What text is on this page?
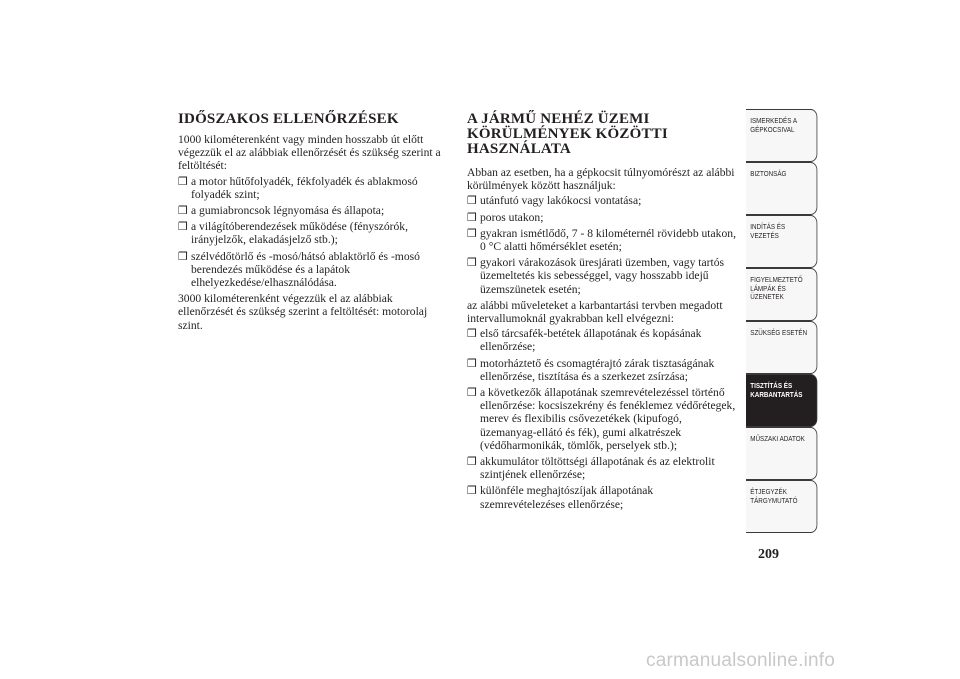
IDŐSZAKOS ELLENŐRZÉSEK

1000 kilométerenként vagy minden hosszabb út előtt végezzük el az alábbiak ellenőrzését és szükség szerint a feltöltését:

❒ a motor hűtőfolyadék, fékfolyadék és ablakmosó folyadék szint;
❒ a gumiabroncsok légnyomása és állapota;
❒ a világítóberendezések működése (fényszórók, irányjelzők, elakadásjelző stb.);
❒ szélvédőtörlő és -mosó/hátsó ablaktörlő és -mosó berendezés működése és a lapátok elhelyezkedése/elhasználódása.

3000 kilométerenként végezzük el az alábbiak ellenőrzését és szükség szerint a feltöltését: motorolaj szint.

A JÁRMŰ NEHÉZ ÜZEMI KÖRÜLMÉNYEK KÖZÖTTI HASZNÁLATA

Abban az esetben, ha a gépkocsit túlnyomórészt az alábbi körülmények között használjuk:

❒ utánfutó vagy lakókocsi vontatása;
❒ poros utakon;
❒ gyakran ismétlődő, 7 - 8 kilométernél rövidebb utakon, 0 °C alatti hőmérséklet esetén;
❒ gyakori várakozások üresjárati üzemben, vagy tartós üzemeltetés kis sebességgel, vagy hosszabb idejű üzemszünetek esetén;

az alábbi műveleteket a karbantartási tervben megadott intervallumoknál gyakrabban kell elvégezni:

❒ első tárcsafék-betétek állapotának és kopásának ellenőrzése;
❒ motorháztető és csomagtérajtó zárak tisztaságának ellenőrzése, tisztítása és a szerkezet zsírzása;
❒ a következők állapotának szemrevételezéssel történő ellenőrzése: kocsiszekrény és fenéklemez védőrétegek, merev és flexibilis csővezetékek (kipufogó, üzemanyag-ellátó és fék), gumi alkatrészek (védőharmonikák, tömlők, perselyek stb.);
❒ akkumulátor töltöttségi állapotának és az elektrolit szintjének ellenőrzése;
❒ különféle meghajtószíjak állapotának szemrevételezéses ellenőrzése;
ISMERKEDÉS A
GÉPKOCSIVAL
BIZTONSÁG
INDÍTÁS ÉS
VEZETÉS
FIGYELMEZTETŐ
LÁMPÁK ÉS
ÜZENETEK
SZÜKSÉG ESETÉN
TISZTÍTÁS ÉS
KARBANTARTÁS
MŰSZAKI ADATOK
ÉTJEGYZÉK
TÁRGYMUTATÓ
209
carmanualsonline.info
